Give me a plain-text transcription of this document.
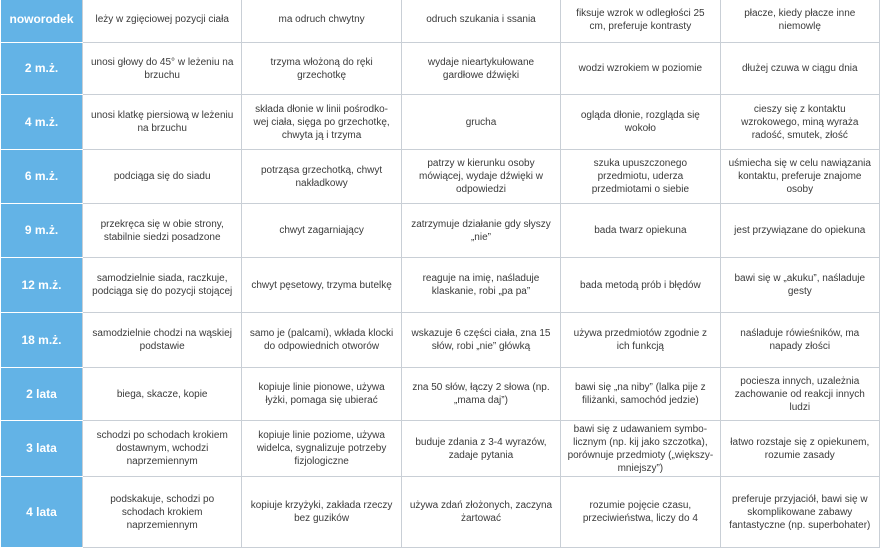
noworodek	leży w zgięciowej pozycji ciała	ma odruch chwytny	odruch szukania i ssania	fiksuje wzrok w odległości 25 cm, preferuje kontrasty	płacze, kiedy płacze inne niemowlę
2 m.ż.	unosi głowy do 45° w leżeniu na brzuchu	trzyma włożoną do ręki grzechotkę	wydaje nieartykułowane gardłowe dźwięki	wodzi wzrokiem w poziomie	dłużej czuwa w ciągu dnia
4 m.ż.	unosi klatkę piersiową w leżeniu na brzuchu	składa dłonie w linii pośrodko-wej ciała, sięga po grzechotkę, chwyta ją i trzyma	grucha	ogląda dłonie, rozgląda się wokoło	cieszy się z kontaktu wzrokowego, miną wyraża radość, smutek, złość
6 m.ż.	podciąga się do siadu	potrząsa grzechotką, chwyt nakładkowy	patrzy w kierunku osoby mówiącej, wydaje dźwięki w odpowiedzi	szuka upuszczonego przedmiotu, uderza przedmiotami o siebie	uśmiecha się w celu nawiązania kontaktu, preferuje znajome osoby
9 m.ż.	przekręca się w obie strony, stabilnie siedzi posadzone	chwyt zagarniający	zatrzymuje działanie gdy słyszy „nie”	bada twarz opiekuna	jest przywiązane do opiekuna
12 m.ż.	samodzielnie siada, raczkuje, podciąga się do pozycji stojącej	chwyt pęsetowy, trzyma butelkę	reaguje na imię, naśladuje klaskanie, robi „pa pa”	bada metodą prób i błędów	bawi się w „akuku”, naśladuje gesty
18 m.ż.	samodzielnie chodzi na wąskiej podstawie	samo je (palcami), wkłada klocki do odpowiednich otworów	wskazuje 6 części ciała, zna 15 słów, robi „nie” główką	używa przedmiotów zgodnie z ich funkcją	naśladuje rówieśników, ma napady złości
2 lata	biega, skacze, kopie	kopiuje linie pionowe, używa łyżki, pomaga się ubierać	zna 50 słów, łączy 2 słowa (np. „mama daj”)	bawi się „na niby” (lalka pije z filiżanki, samochód jedzie)	pociesza innych, uzależnia zachowanie od reakcji innych ludzi
3 lata	schodzi po schodach krokiem dostawnym, wchodzi naprzemiennym	kopiuje linie poziome, używa widelca, sygnalizuje potrzeby fizjologiczne	buduje zdania z 3-4 wyrazów, zadaje pytania	bawi się z udawaniem symbo-licznym (np. kij jako szczotka), porównuje przedmioty („większy-mniejszy”)	łatwo rozstaje się z opiekunem, rozumie zasady
4 lata	podskakuje, schodzi po schodach krokiem naprzemiennym	kopiuje krzyżyki, zakłada rzeczy bez guzików	używa zdań złożonych, zaczyna żartować	rozumie pojęcie czasu, przeciwieństwa, liczy do 4	preferuje przyjaciół, bawi się w skomplikowane zabawy fantastyczne (np. superbohater)
